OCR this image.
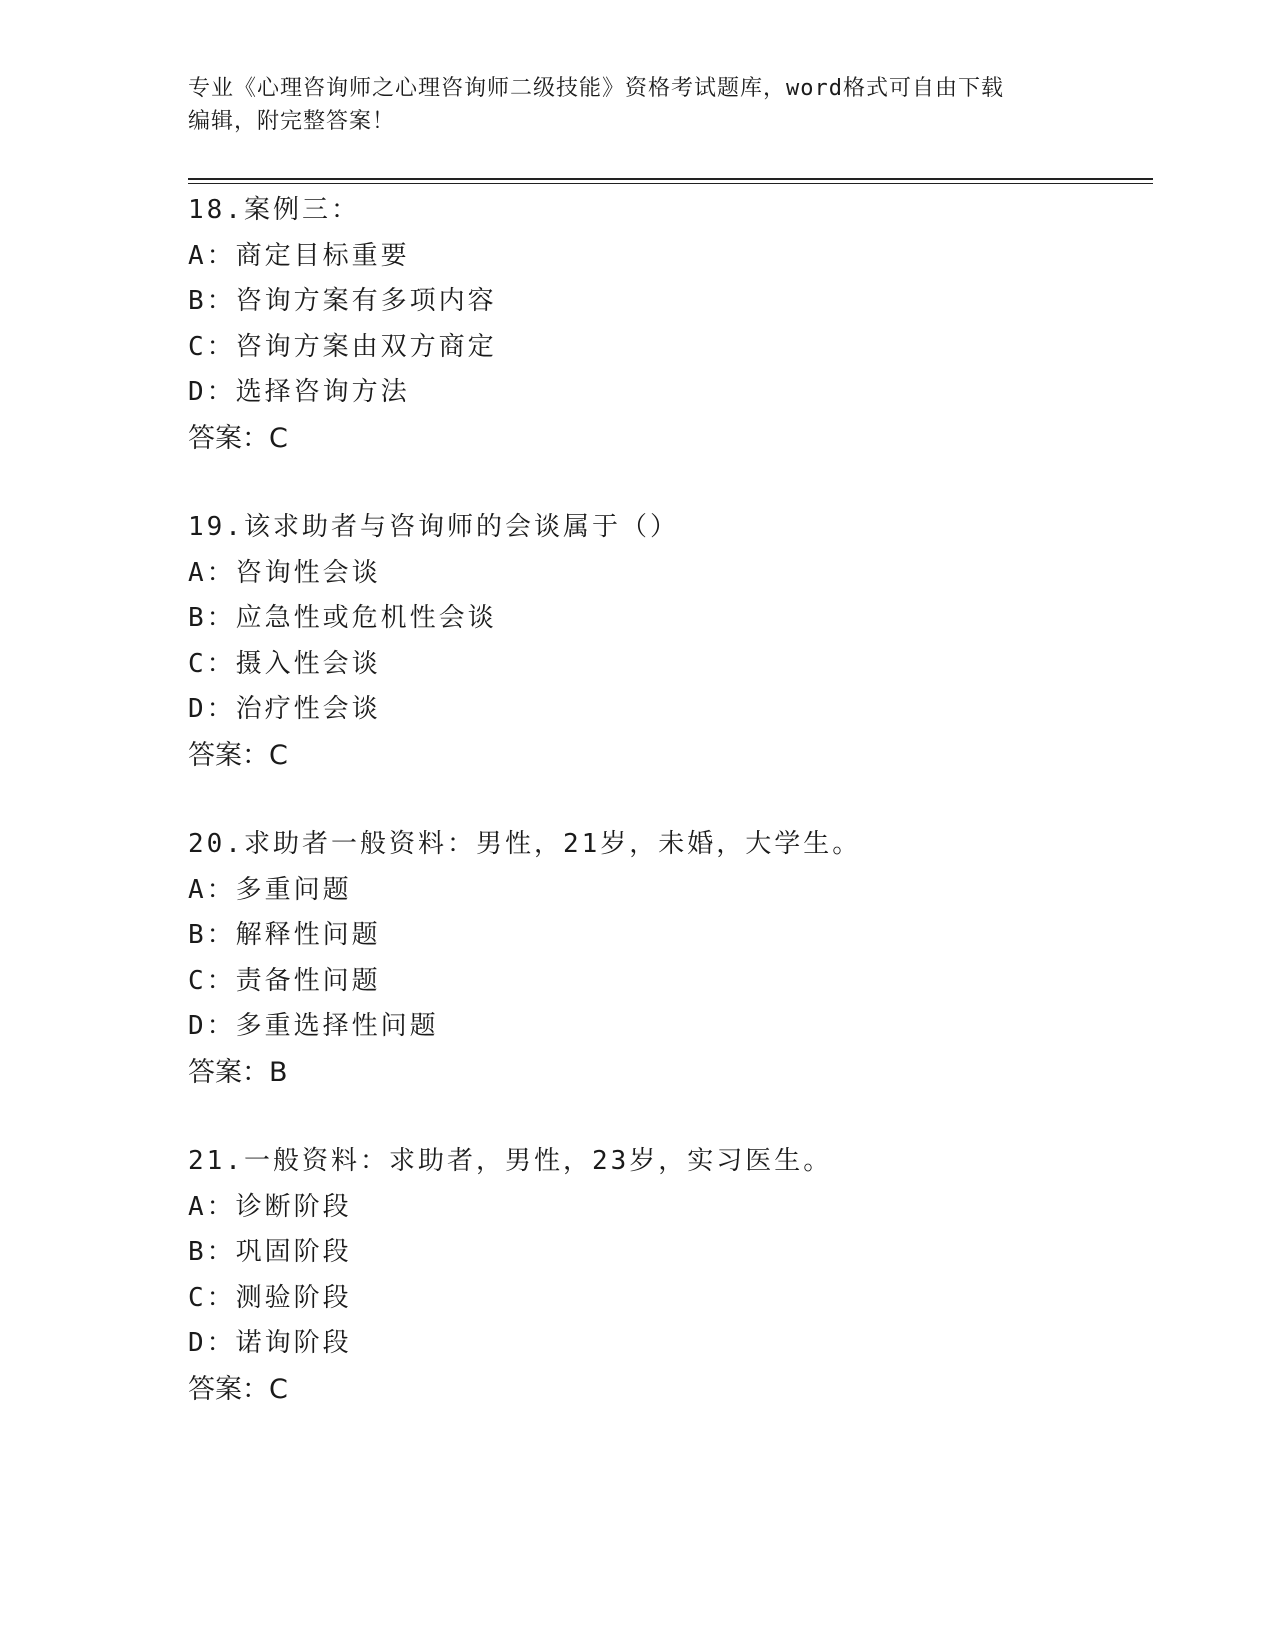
专业《心理咨询师之心理咨询师二级技能》资格考试题库，word格式可自由下载
编辑，附完整答案！
18.案例三：
A：商定目标重要
B：咨询方案有多项内容
C：咨询方案由双方商定
D：选择咨询方法
答案：C
19.该求助者与咨询师的会谈属于（）
A：咨询性会谈
B：应急性或危机性会谈
C：摄入性会谈
D：治疗性会谈
答案：C
20.求助者一般资料：男性，21岁，未婚，大学生。
A：多重问题
B：解释性问题
C：责备性问题
D：多重选择性问题
答案：B
21.一般资料：求助者，男性，23岁，实习医生。
A：诊断阶段
B：巩固阶段
C：测验阶段
D：诺询阶段
答案：C
